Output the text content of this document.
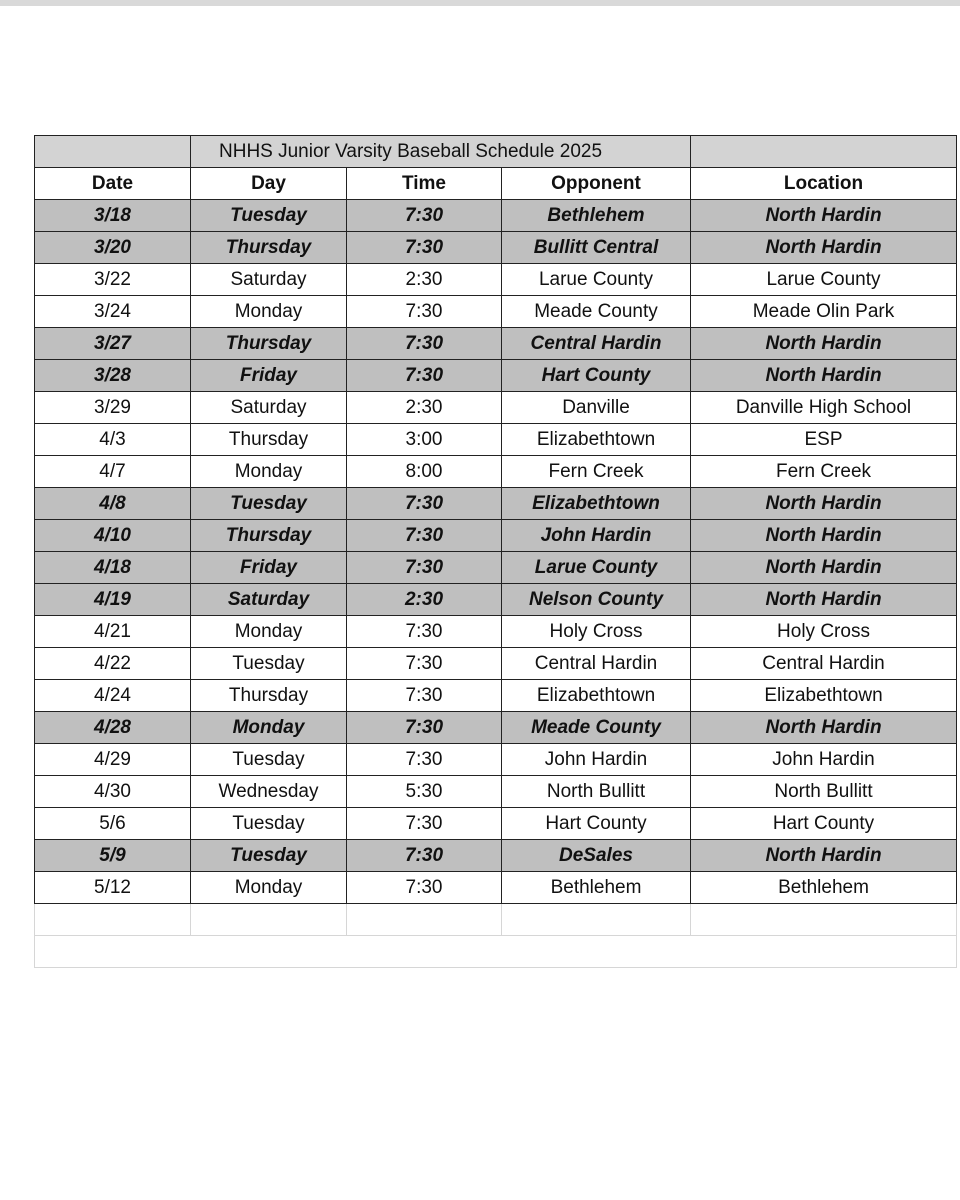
	NHHS Junior Varsity Baseball Schedule 2025			
Date	Day	Time	Opponent	Location
3/18	Tuesday	7:30	Bethlehem	North Hardin
3/20	Thursday	7:30	Bullitt Central	North Hardin
3/22	Saturday	2:30	Larue County	Larue County
3/24	Monday	7:30	Meade County	Meade Olin Park
3/27	Thursday	7:30	Central Hardin	North Hardin
3/28	Friday	7:30	Hart County	North Hardin
3/29	Saturday	2:30	Danville	Danville High School
4/3	Thursday	3:00	Elizabethtown	ESP
4/7	Monday	8:00	Fern Creek	Fern Creek
4/8	Tuesday	7:30	Elizabethtown	North Hardin
4/10	Thursday	7:30	John Hardin	North Hardin
4/18	Friday	7:30	Larue County	North Hardin
4/19	Saturday	2:30	Nelson County	North Hardin
4/21	Monday	7:30	Holy Cross	Holy Cross
4/22	Tuesday	7:30	Central Hardin	Central Hardin
4/24	Thursday	7:30	Elizabethtown	Elizabethtown
4/28	Monday	7:30	Meade County	North Hardin
4/29	Tuesday	7:30	John Hardin	John Hardin
4/30	Wednesday	5:30	North Bullitt	North Bullitt
5/6	Tuesday	7:30	Hart County	Hart County
5/9	Tuesday	7:30	DeSales	North Hardin
5/12	Monday	7:30	Bethlehem	Bethlehem
